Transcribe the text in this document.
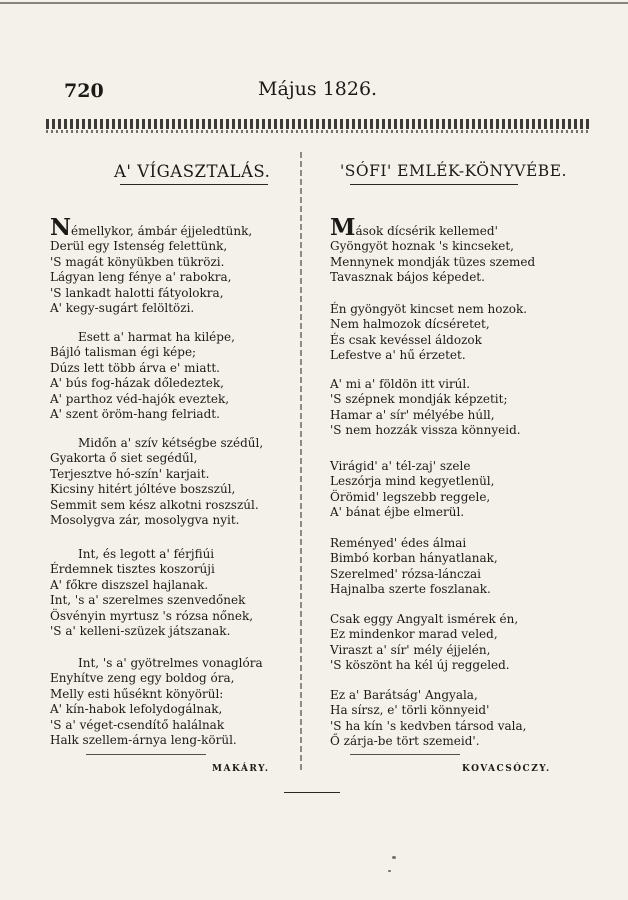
720	Május 1826.
A' VÍGASZTALÁS.
Némellykor, ámbár éjjeledtünk,
Derül egy Istenség felettünk,
'S magát könyükben tükrözi.
Lágyan leng fénye a' rabokra,
'S lankadt halotti fátyolokra,
A' kegy-sugárt felöltözi.
Esett a' harmat ha kilépe,
Bájló talisman égi képe;
Dúzs lett több árva e' miatt.
A' bús fog-házak dőledeztek,
A' parthoz véd-hajók eveztek,
A' szent öröm-hang felriadt.
Midőn a' szív kétségbe szédűl,
Gyakorta ő siet segédűl,
Terjesztve hó-szín' karjait.
Kicsiny hitért jóltéve boszszúl,
Semmit sem kész alkotni roszszúl.
Mosolygva zár, mosolygva nyit.
Int, és legott a' férjfiúi
Érdemnek tisztes koszorúji
A' főkre diszszel hajlanak.
Int, 's a' szerelmes szenvedőnek
Ösvényin myrtusz 's rózsa nőnek,
'S a' kelleni-szüzek játszanak.
Int, 's a' gyötrelmes vonaglóra
Enyhítve zeng egy boldog óra,
Melly esti hűséknt könyörül:
A' kín-habok lefolydogálnak,
'S a' véget-csendítő halálnak
Halk szellem-árnya leng-körül.
MAKÁRY.
'SÓFI' EMLÉK-KÖNYVÉBE.
Mások dícsérik kellemed'
Gyöngyöt hoznak 's kincseket,
Mennynek mondják tüzes szemed
Tavasznak bájos képedet.
Én gyöngyöt kincset nem hozok.
Nem halmozok dícséretet,
És csak kevéssel áldozok
Lefestve a' hű érzetet.
A' mi a' földön itt virúl.
'S szépnek mondják képzetit;
Hamar a' sír' mélyébe húll,
'S nem hozzák vissza könnyeid.
Virágid' a' tél-zaj' szele
Leszórja mind kegyetlenül,
Örömid' legszebb reggele,
A' bánat éjbe elmerül.
Reményed' édes álmai
Bimbó korban hányatlanak,
Szerelmed' rózsa-lánczai
Hajnalba szerte foszlanak.
Csak eggy Angyalt ismérek én,
Ez mindenkor marad veled,
Viraszt a' sír' mély éjjelén,
'S köszönt ha kél új reggeled.
Ez a' Barátság' Angyala,
Ha sírsz, e' törli könnyeid'
'S ha kín 's kedvben társod vala,
Ő zárja-be tört szemeid'.
KOVACSÓCZY.
